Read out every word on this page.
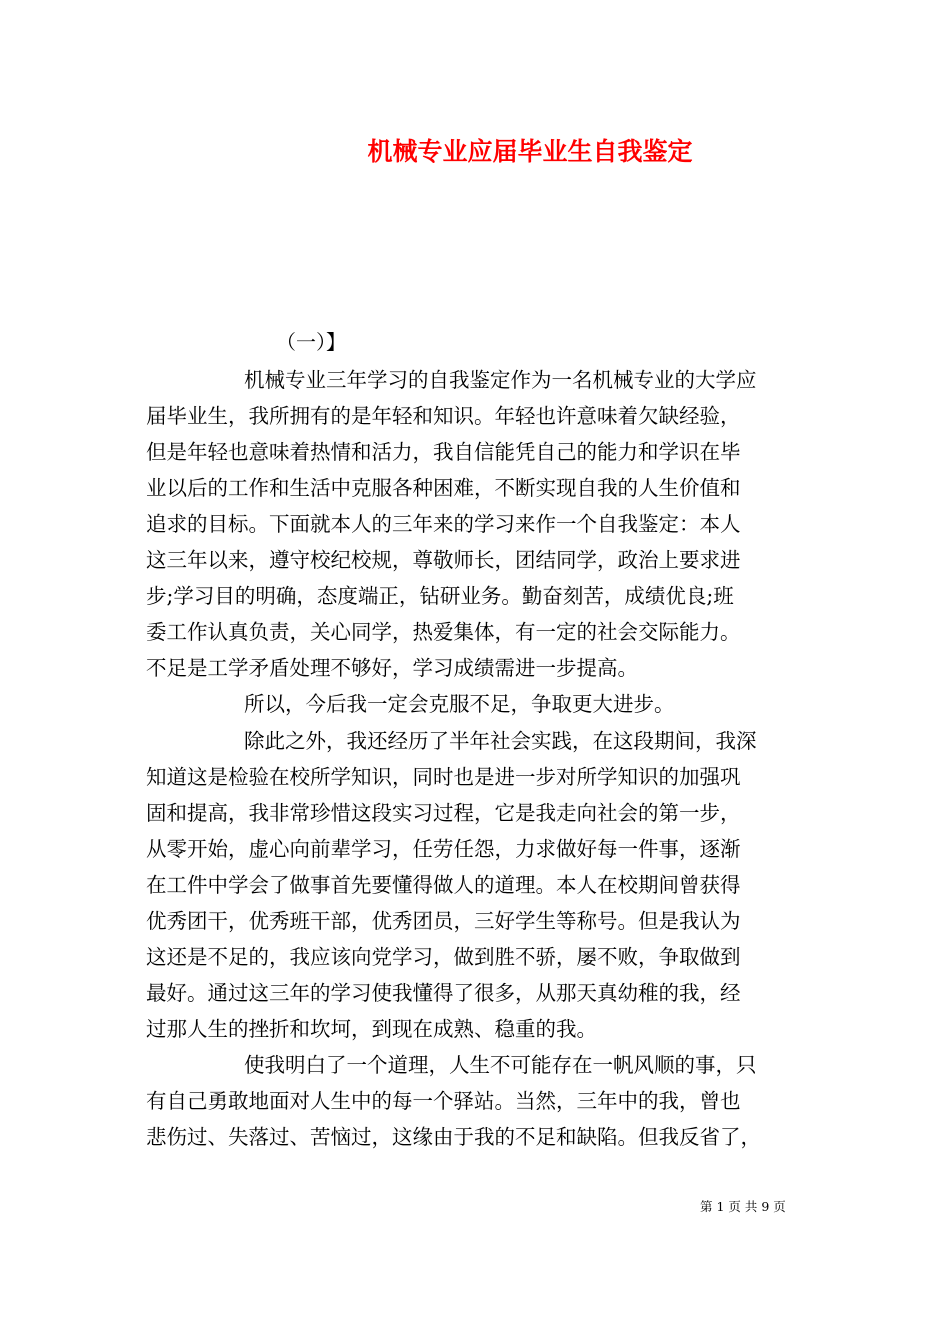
机械专业应届毕业生自我鉴定

（一）】

机械专业三年学习的自我鉴定作为一名机械专业的大学应

届毕业生，我所拥有的是年轻和知识。年轻也许意味着欠缺经验，

但是年轻也意味着热情和活力，我自信能凭自己的能力和学识在毕

业以后的工作和生活中克服各种困难，不断实现自我的人生价值和

追求的目标。下面就本人的三年来的学习来作一个自我鉴定：本人

这三年以来，遵守校纪校规，尊敬师长，团结同学，政治上要求进

步;学习目的明确，态度端正，钻研业务。勤奋刻苦，成绩优良;班

委工作认真负责，关心同学，热爱集体，有一定的社会交际能力。

不足是工学矛盾处理不够好，学习成绩需进一步提高。

所以，今后我一定会克服不足，争取更大进步。

除此之外，我还经历了半年社会实践，在这段期间，我深

知道这是检验在校所学知识，同时也是进一步对所学知识的加强巩

固和提高，我非常珍惜这段实习过程，它是我走向社会的第一步，

从零开始，虚心向前辈学习，任劳任怨，力求做好每一件事，逐渐

在工件中学会了做事首先要懂得做人的道理。本人在校期间曾获得

优秀团干，优秀班干部，优秀团员，三好学生等称号。但是我认为

这还是不足的，我应该向党学习，做到胜不骄，屡不败，争取做到

最好。通过这三年的学习使我懂得了很多，从那天真幼稚的我，经

过那人生的挫折和坎坷，到现在成熟、稳重的我。

使我明白了一个道理，人生不可能存在一帆风顺的事，只

有自己勇敢地面对人生中的每一个驿站。当然，三年中的我，曾也

悲伤过、失落过、苦恼过，这缘由于我的不足和缺陷。但我反省了，

第 1 页 共 9 页
